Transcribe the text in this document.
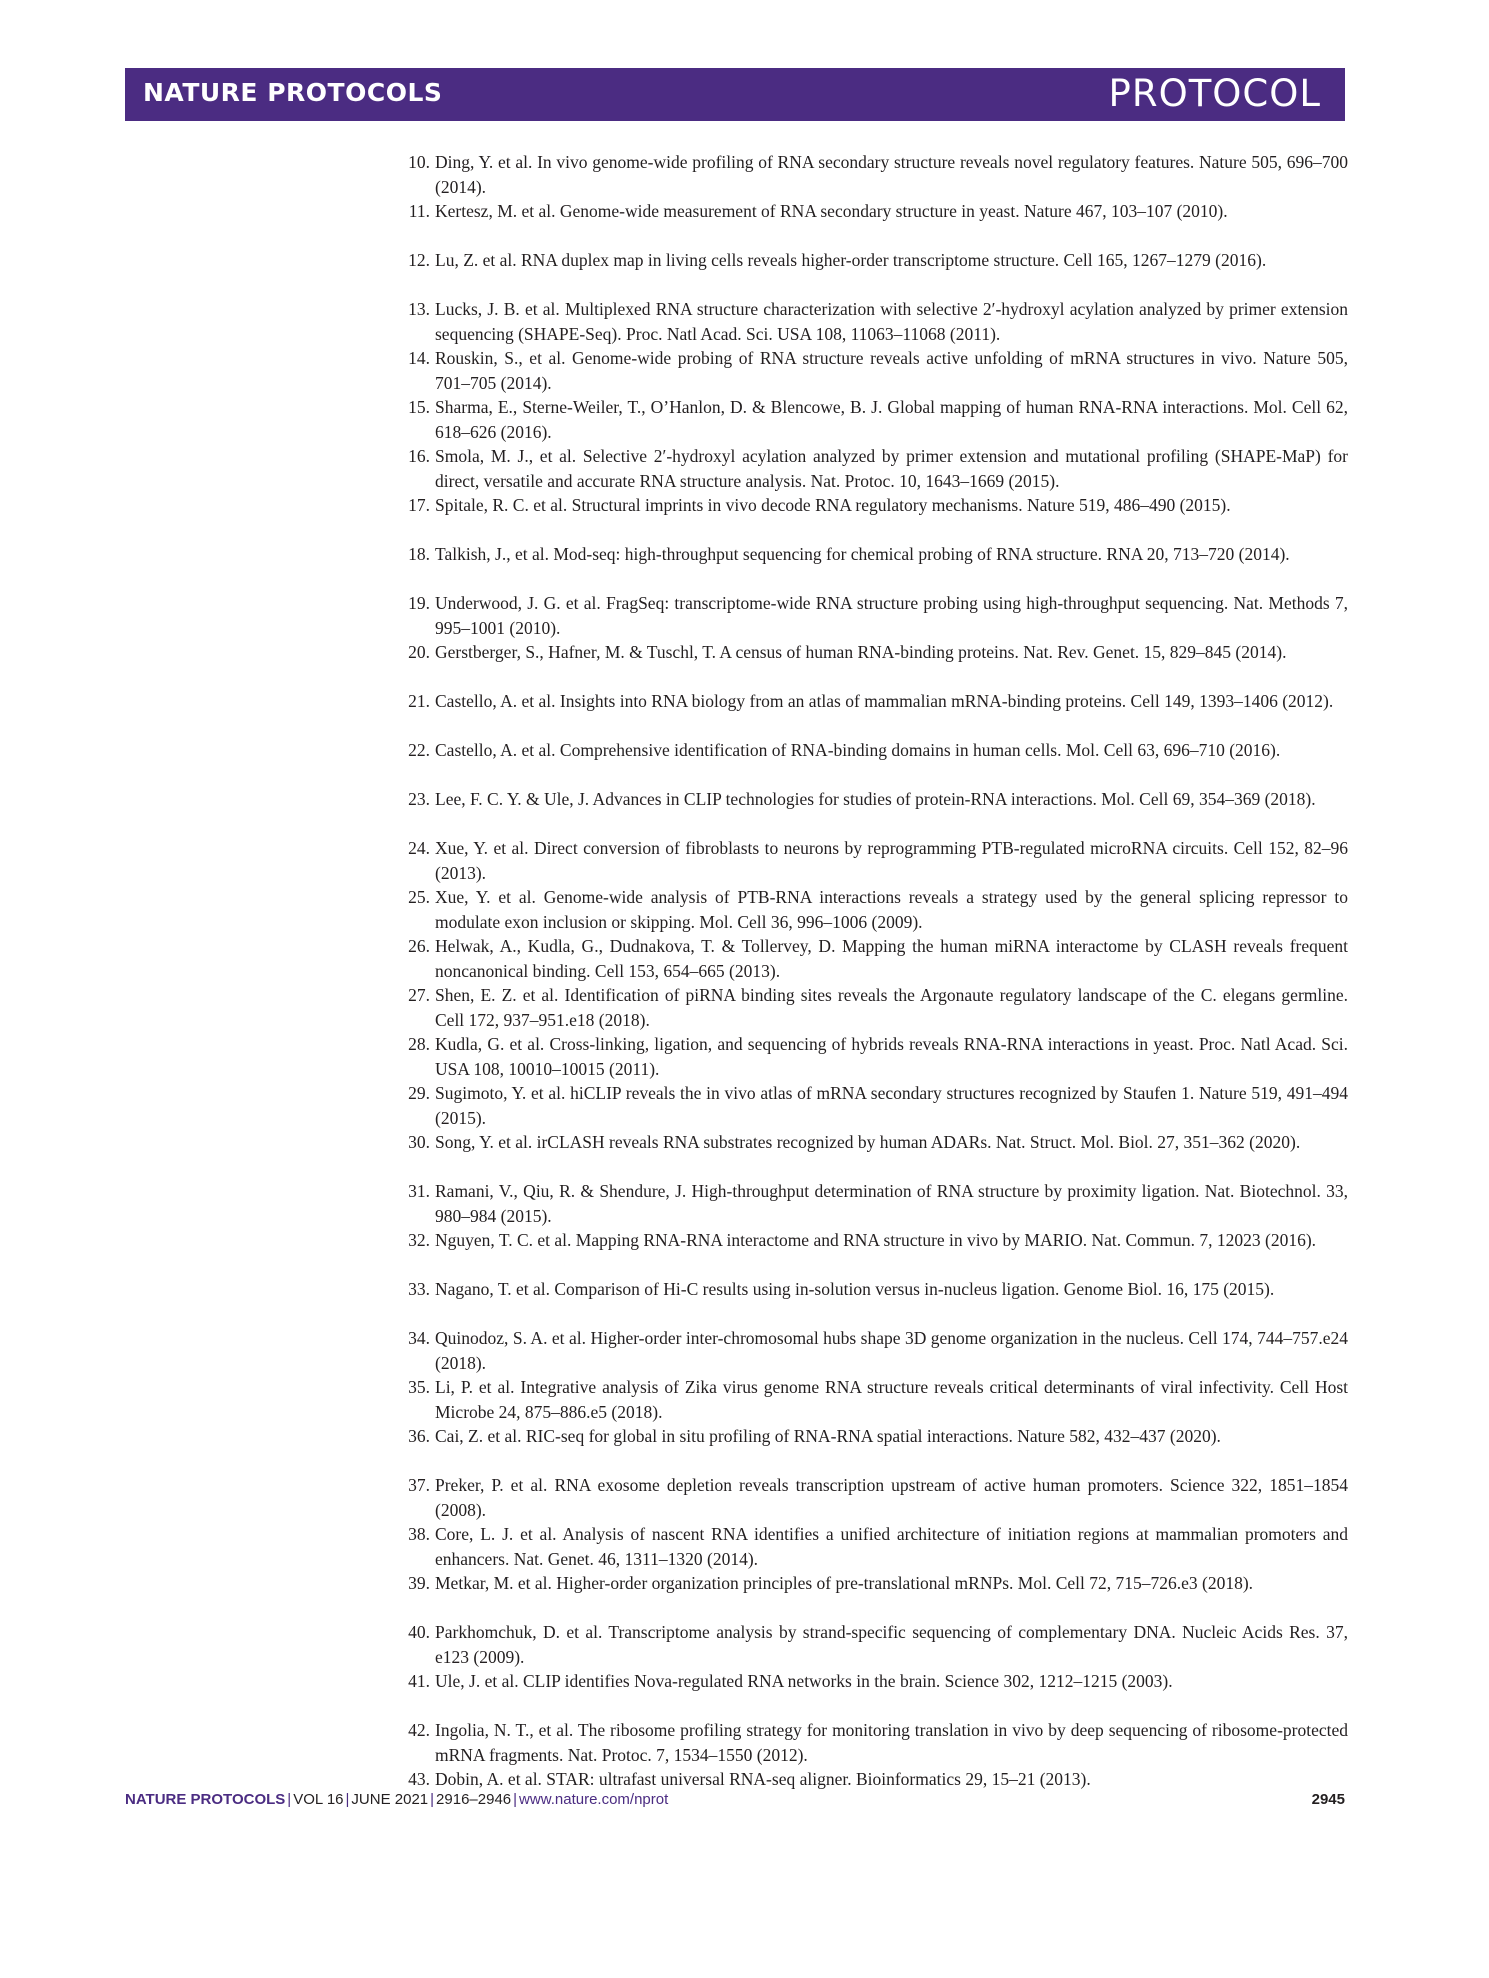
NATURE PROTOCOLS	PROTOCOL
10. Ding, Y. et al. In vivo genome-wide profiling of RNA secondary structure reveals novel regulatory features. Nature 505, 696–700 (2014).
11. Kertesz, M. et al. Genome-wide measurement of RNA secondary structure in yeast. Nature 467, 103–107 (2010).
12. Lu, Z. et al. RNA duplex map in living cells reveals higher-order transcriptome structure. Cell 165, 1267–1279 (2016).
13. Lucks, J. B. et al. Multiplexed RNA structure characterization with selective 2′-hydroxyl acylation analyzed by primer extension sequencing (SHAPE-Seq). Proc. Natl Acad. Sci. USA 108, 11063–11068 (2011).
14. Rouskin, S., et al. Genome-wide probing of RNA structure reveals active unfolding of mRNA structures in vivo. Nature 505, 701–705 (2014).
15. Sharma, E., Sterne-Weiler, T., O’Hanlon, D. & Blencowe, B. J. Global mapping of human RNA-RNA interactions. Mol. Cell 62, 618–626 (2016).
16. Smola, M. J., et al. Selective 2′-hydroxyl acylation analyzed by primer extension and mutational profiling (SHAPE-MaP) for direct, versatile and accurate RNA structure analysis. Nat. Protoc. 10, 1643–1669 (2015).
17. Spitale, R. C. et al. Structural imprints in vivo decode RNA regulatory mechanisms. Nature 519, 486–490 (2015).
18. Talkish, J., et al. Mod-seq: high-throughput sequencing for chemical probing of RNA structure. RNA 20, 713–720 (2014).
19. Underwood, J. G. et al. FragSeq: transcriptome-wide RNA structure probing using high-throughput sequencing. Nat. Methods 7, 995–1001 (2010).
20. Gerstberger, S., Hafner, M. & Tuschl, T. A census of human RNA-binding proteins. Nat. Rev. Genet. 15, 829–845 (2014).
21. Castello, A. et al. Insights into RNA biology from an atlas of mammalian mRNA-binding proteins. Cell 149, 1393–1406 (2012).
22. Castello, A. et al. Comprehensive identification of RNA-binding domains in human cells. Mol. Cell 63, 696–710 (2016).
23. Lee, F. C. Y. & Ule, J. Advances in CLIP technologies for studies of protein-RNA interactions. Mol. Cell 69, 354–369 (2018).
24. Xue, Y. et al. Direct conversion of fibroblasts to neurons by reprogramming PTB-regulated microRNA circuits. Cell 152, 82–96 (2013).
25. Xue, Y. et al. Genome-wide analysis of PTB-RNA interactions reveals a strategy used by the general splicing repressor to modulate exon inclusion or skipping. Mol. Cell 36, 996–1006 (2009).
26. Helwak, A., Kudla, G., Dudnakova, T. & Tollervey, D. Mapping the human miRNA interactome by CLASH reveals frequent noncanonical binding. Cell 153, 654–665 (2013).
27. Shen, E. Z. et al. Identification of piRNA binding sites reveals the Argonaute regulatory landscape of the C. elegans germline. Cell 172, 937–951.e18 (2018).
28. Kudla, G. et al. Cross-linking, ligation, and sequencing of hybrids reveals RNA-RNA interactions in yeast. Proc. Natl Acad. Sci. USA 108, 10010–10015 (2011).
29. Sugimoto, Y. et al. hiCLIP reveals the in vivo atlas of mRNA secondary structures recognized by Staufen 1. Nature 519, 491–494 (2015).
30. Song, Y. et al. irCLASH reveals RNA substrates recognized by human ADARs. Nat. Struct. Mol. Biol. 27, 351–362 (2020).
31. Ramani, V., Qiu, R. & Shendure, J. High-throughput determination of RNA structure by proximity ligation. Nat. Biotechnol. 33, 980–984 (2015).
32. Nguyen, T. C. et al. Mapping RNA-RNA interactome and RNA structure in vivo by MARIO. Nat. Commun. 7, 12023 (2016).
33. Nagano, T. et al. Comparison of Hi-C results using in-solution versus in-nucleus ligation. Genome Biol. 16, 175 (2015).
34. Quinodoz, S. A. et al. Higher-order inter-chromosomal hubs shape 3D genome organization in the nucleus. Cell 174, 744–757.e24 (2018).
35. Li, P. et al. Integrative analysis of Zika virus genome RNA structure reveals critical determinants of viral infectivity. Cell Host Microbe 24, 875–886.e5 (2018).
36. Cai, Z. et al. RIC-seq for global in situ profiling of RNA-RNA spatial interactions. Nature 582, 432–437 (2020).
37. Preker, P. et al. RNA exosome depletion reveals transcription upstream of active human promoters. Science 322, 1851–1854 (2008).
38. Core, L. J. et al. Analysis of nascent RNA identifies a unified architecture of initiation regions at mammalian promoters and enhancers. Nat. Genet. 46, 1311–1320 (2014).
39. Metkar, M. et al. Higher-order organization principles of pre-translational mRNPs. Mol. Cell 72, 715–726.e3 (2018).
40. Parkhomchuk, D. et al. Transcriptome analysis by strand-specific sequencing of complementary DNA. Nucleic Acids Res. 37, e123 (2009).
41. Ule, J. et al. CLIP identifies Nova-regulated RNA networks in the brain. Science 302, 1212–1215 (2003).
42. Ingolia, N. T., et al. The ribosome profiling strategy for monitoring translation in vivo by deep sequencing of ribosome-protected mRNA fragments. Nat. Protoc. 7, 1534–1550 (2012).
43. Dobin, A. et al. STAR: ultrafast universal RNA-seq aligner. Bioinformatics 29, 15–21 (2013).
NATURE PROTOCOLS | VOL 16 | JUNE 2021 | 2916–2946 | www.nature.com/nprot	2945
